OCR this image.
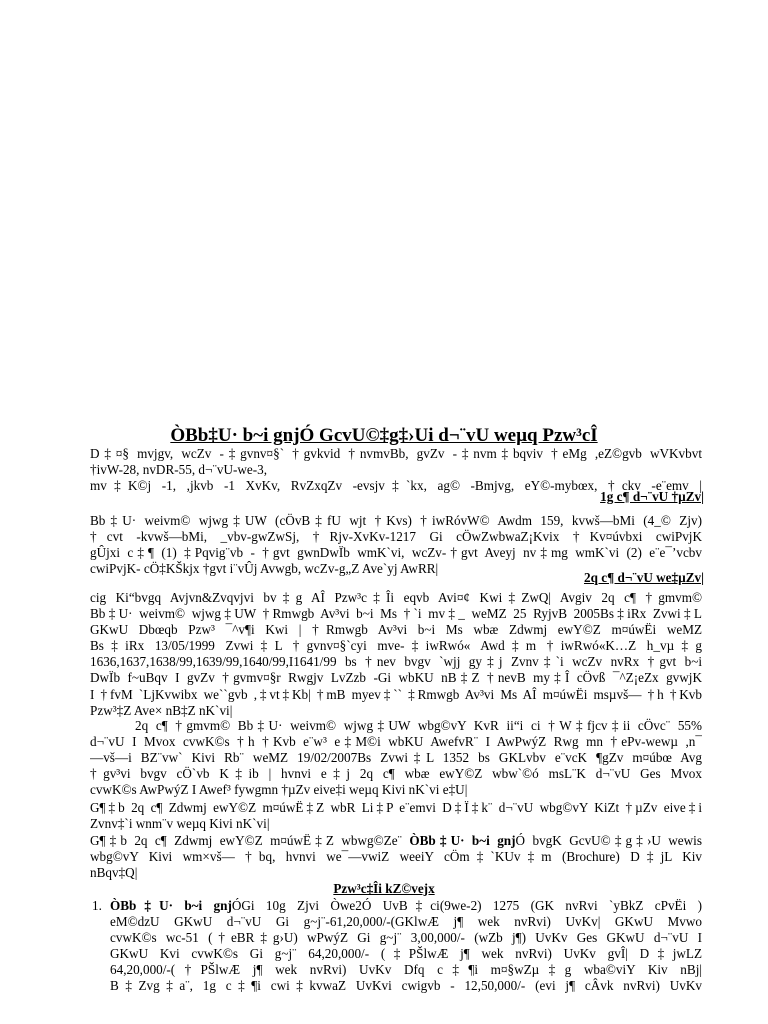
ÒBb‡U· b~i gnjÓ GcvU©‡g‡›Ui d¬¨vU weµq Pzw³cÎ
D‡¤§ mvjgv, wcZv -‡gvnv¤§` †gvkvid †nvmvBb, gvZv -‡nvm‡bqviv †eMg ,eZ©gvb wVKvbvt
†ivW-28, nvDR-55, d¬¨vU-we-3,
mv‡K©j -1, ,jkvb -1 XvKv, RvZxqZv -evsjv‡`kx, ag© -Bmjvg, eY©-mybœx, †ckv -e¨emv |
1g c¶ d¬¨vU †µZv|
Bb‡U· weivm© wjwg‡UW (cÖvB‡fU wjt †Kvs) †iwRóvW© Awdm 159, kvwš—bMi (4_© Zjv)
†cvt -kvwš—bMi, _vbv-gwZwSj, †Rjv-XvKv-1217 Gi cÖwZwbwaZ¡Kvix †Kv¤úvbxi cwiPvjK
gÛjxi c‡¶ (1) ‡Pqvig¨vb - †gvt gwnDwÏb wmK`vi, wcZv-†gvt Aveyj nv‡mg wmK`vi (2) e¨e¯’vcbv
cwiPvjK- cÖ‡KŠkjx †gvt i¨vÛj Avwgb, wcZv-g„Z Ave`yj AwRR|
2q c¶ d¬¨vU we‡µZv|
cig Ki“bvgq Avjvn&Zvqvjvi bv‡g AÎ Pzw³c‡Îi eqvb Avi¤¢ Kwi‡ZwQ| Avgiv 2q c¶ †gmvm©
Bb‡U· weivm© wjwg‡UW †Rmwgb Av³vi b~i Ms †`i mv‡_ weMZ 25 RyjvB 2005Bs‡iRx Zvwi‡L
GKwU Dbœqb Pzw³ ¯^v¶i Kwi | †Rmwgb Av³vi b~i Ms wbæ Zdwmj ewY©Z m¤úwËi weMZ
Bs‡iRx 13/05/1999 Zvwi‡L †gvnv¤§`cyi mve-‡iwRwó« Awd‡m †iwRwó«K…Z h_vµ‡g
1636,1637,1638/99,1639/99,1640/99,I1641/99 bs †nev bvgv `wjj gy‡j Zvnv‡`i wcZv nvRx †gvt b~i
DwÏb f~uBqv I gvZv †gvmv¤§r Rwgjv LvZzb -Gi wbKU nB‡Z †nevB my‡Î cÖvß ¯^Z¡eZx gvwjK
I †fvM `LjKvwibx we``gvb ,‡vt‡Kb| †mB myev‡`` ‡Rmwgb Av³vi Ms AÎ m¤úwËi msµvš— †h †Kvb
Pzw³‡Z Ave× nB‡Z nK`vi|
2q c¶ †gmvm© Bb‡U· weivm© wjwg‡UW wbg©vY KvR ii“i ci †W‡fjcv‡ii cÖvc¨ 55%
d¬¨vU I Mvox cvwK©s †h †Kvb e¨w³ e‡M©i wbKU AwefvR¨ I AwPwýZ Rwg mn †ePv-wewµ ,n¯
—vš—i BZ¨vw` Kivi Rb¨ weMZ 19/02/2007Bs Zvwi‡L 1352 bs GKLvbv e¨vcK ¶gZv m¤úbœ Avg
†gv³vi bvgv cÖ`vb K‡ib | hvnvi e‡j 2q c¶ wbæ ewY©Z wbw`©ó msL¨K d¬¨vU Ges Mvox
cvwK©s AwPwýZ I Awef³ fywgmn †µZv eive‡i weµq Kivi nK`vi e‡U|
G¶‡b 2q c¶ Zdwmj ewY©Z m¤úwË‡Z wbR Li‡P e¨emvi D‡Ï‡k¨ d¬¨vU wbg©vY KiZt †µZv eive‡i
Zvnv‡`i wnm¨v weµq Kivi nK`vi|
G¶‡b 2q c¶ Zdwmj ewY©Z m¤úwË‡Z wbwg©Ze¨ ÒBb‡U· b~i gnjÓ bvgK GcvU©‡g‡›U wewis
wbg©vY Kivi wm×vš— †bq, hvnvi we¯—vwiZ weeiY cÖm‡`KUv‡m (Brochure) D‡jL Kiv
nBqv‡Q|
Pzw³c‡Îi kZ©vejx
1. ÒBb‡U· b~i gnjÓGi 10g Zjvi Òwe2Ó UvB‡ci(9we-2) 1275 (GK nvRvi `yBkZ cPvËi )
eM©dzU GKwU d¬¨vU Gi g~j¨-61,20,000/-(GKlwÆ j¶ wek nvRvi) UvKv| GKwU Mvwo
cvwK©s wc-51 (†eBR‡g›U) wPwýZ Gi g~j¨ 3,00,000/- (wZb j¶) UvKv Ges GKwU d¬¨vU I
GKwU Kvi cvwK©s Gi g~j¨ 64,20,000/- (‡PŠlwÆ j¶ wek nvRvi) UvKv gvÎ| D‡jwLZ
64,20,000/-(†PŠlwÆ j¶ wek nvRvi) UvKv Dfq c‡¶i m¤§wZµ‡g wba©viY Kiv nBj|
B‡Zvg‡a¨, 1g c‡¶i cwi‡kvwaZ UvKvi cwigvb - 12,50,000/- (evi j¶ cÂvk nvRvi) UvKv
